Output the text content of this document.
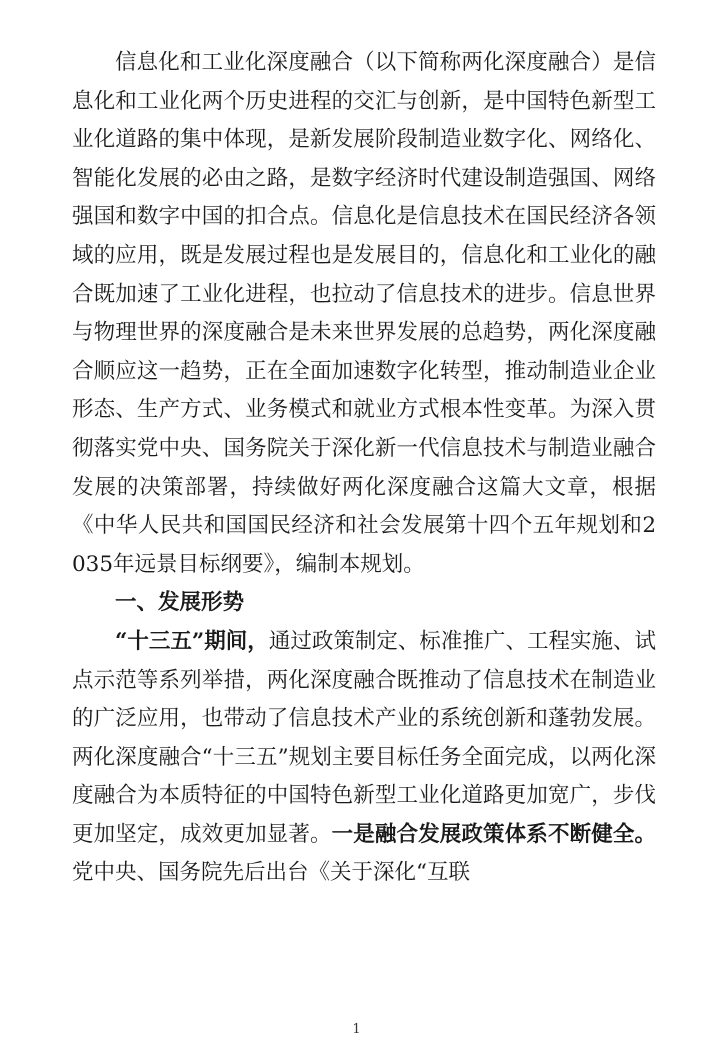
信息化和工业化深度融合（以下简称两化深度融合）是信息化和工业化两个历史进程的交汇与创新，是中国特色新型工业化道路的集中体现，是新发展阶段制造业数字化、网络化、智能化发展的必由之路，是数字经济时代建设制造强国、网络强国和数字中国的扣合点。信息化是信息技术在国民经济各领域的应用，既是发展过程也是发展目的，信息化和工业化的融合既加速了工业化进程，也拉动了信息技术的进步。信息世界与物理世界的深度融合是未来世界发展的总趋势，两化深度融合顺应这一趋势，正在全面加速数字化转型，推动制造业企业形态、生产方式、业务模式和就业方式根本性变革。为深入贯彻落实党中央、国务院关于深化新一代信息技术与制造业融合发展的决策部署，持续做好两化深度融合这篇大文章，根据《中华人民共和国国民经济和社会发展第十四个五年规划和2035年远景目标纲要》，编制本规划。

一、发展形势

“十三五”期间，通过政策制定、标准推广、工程实施、试点示范等系列举措，两化深度融合既推动了信息技术在制造业的广泛应用，也带动了信息技术产业的系统创新和蓬勃发展。两化深度融合“十三五”规划主要目标任务全面完成，以两化深度融合为本质特征的中国特色新型工业化道路更加宽广，步伐更加坚定，成效更加显著。一是融合发展政策体系不断健全。党中央、国务院先后出台《关于深化“互联

1
